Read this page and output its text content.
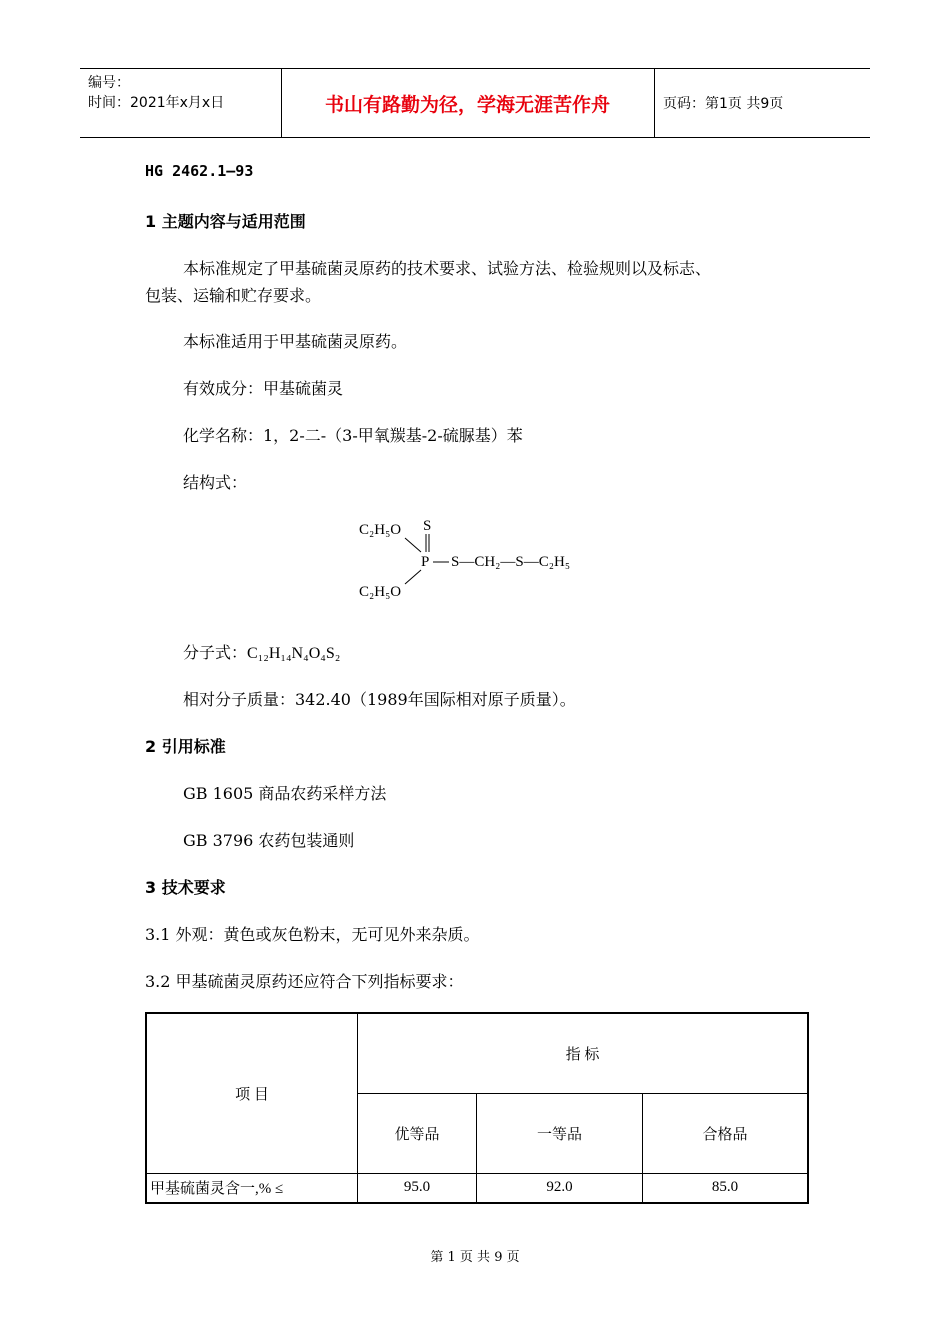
编号：
时间：2021年x月x日	书山有路勤为径，学海无涯苦作舟	页码：第1页 共9页
HG 2462.1—93
1 主题内容与适用范围
本标准规定了甲基硫菌灵原药的技术要求、试验方法、检验规则以及标志、
包装、运输和贮存要求。
本标准适用于甲基硫菌灵原药。
有效成分：甲基硫菌灵
化学名称：1，2-二-（3-甲氧羰基-2-硫脲基）苯
结构式：
C₂H₅O S
P S—CH₂—S—C₂H₅
C₂H₅O
分子式：C₁₂H₁₄N₄O₄S₂
相对分子质量：342.40（1989年国际相对原子质量）。
2 引用标准
GB 1605 商品农药采样方法
GB 3796 农药包装通则
3 技术要求
3.1 外观：黄色或灰色粉末，无可见外来杂质。
3.2 甲基硫菌灵原药还应符合下列指标要求：
项 目	指 标		
	优等品	一等品	合格品
甲基硫菌灵含一,% ≤	95.0	92.0	85.0
第 1 页 共 9 页
